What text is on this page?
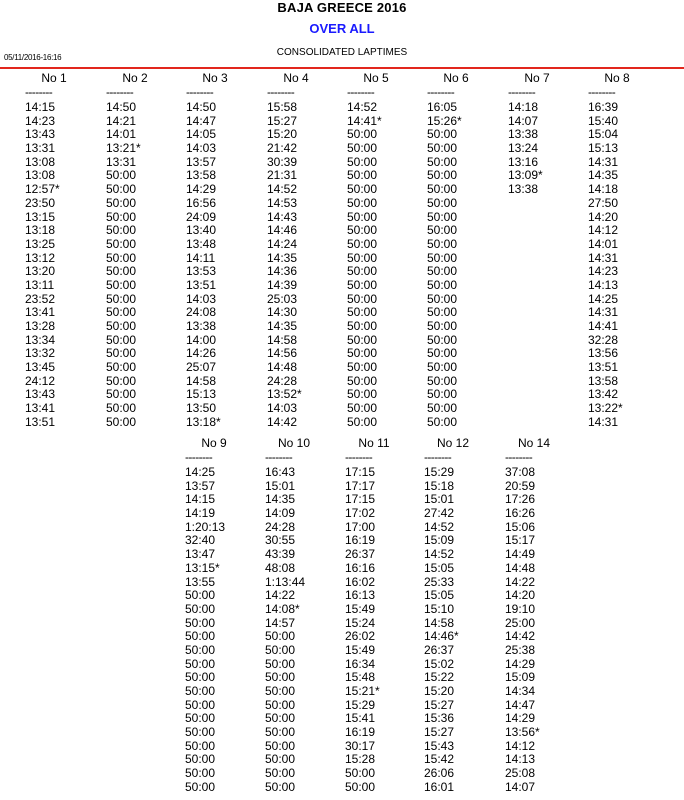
BAJA GREECE 2016
OVER ALL
CONSOLIDATED LAPTIMES
05/11/2016-16:16
No 1
--------
14:15
14:23
13:43
13:31
13:08
13:08
12:57*
23:50
13:15
13:18
13:25
13:12
13:20
13:11
23:52
13:41
13:28
13:34
13:32
13:45
24:12
13:43
13:41
13:51
No 2
--------
14:50
14:21
14:01
13:21*
13:31
50:00
50:00
50:00
50:00
50:00
50:00
50:00
50:00
50:00
50:00
50:00
50:00
50:00
50:00
50:00
50:00
50:00
50:00
50:00
No 3
--------
14:50
14:47
14:05
14:03
13:57
13:58
14:29
16:56
24:09
13:40
13:48
14:11
13:53
13:51
14:03
24:08
13:38
14:00
14:26
25:07
14:58
15:13
13:50
13:18*
No 4
--------
15:58
15:27
15:20
21:42
30:39
21:31
14:52
14:53
14:43
14:46
14:24
14:35
14:36
14:39
25:03
14:30
14:35
14:58
14:56
14:48
24:28
13:52*
14:03
14:42
No 5
--------
14:52
14:41*
50:00
50:00
50:00
50:00
50:00
50:00
50:00
50:00
50:00
50:00
50:00
50:00
50:00
50:00
50:00
50:00
50:00
50:00
50:00
50:00
50:00
50:00
No 6
--------
16:05
15:26*
50:00
50:00
50:00
50:00
50:00
50:00
50:00
50:00
50:00
50:00
50:00
50:00
50:00
50:00
50:00
50:00
50:00
50:00
50:00
50:00
50:00
50:00
No 7
--------
14:18
14:07
13:38
13:24
13:16
13:09*
13:38
No 8
--------
16:39
15:40
15:04
15:13
14:31
14:35
14:18
27:50
14:20
14:12
14:01
14:31
14:23
14:13
14:25
14:31
14:41
32:28
13:56
13:51
13:58
13:42
13:22*
14:31
No 9
--------
14:25
13:57
14:15
14:19
1:20:13
32:40
13:47
13:15*
13:55
50:00
50:00
50:00
50:00
50:00
50:00
50:00
50:00
50:00
50:00
50:00
50:00
50:00
50:00
50:00
No 10
--------
16:43
15:01
14:35
14:09
24:28
30:55
43:39
48:08
1:13:44
14:22
14:08*
14:57
50:00
50:00
50:00
50:00
50:00
50:00
50:00
50:00
50:00
50:00
50:00
50:00
No 11
--------
17:15
17:17
17:15
17:02
17:00
16:19
26:37
16:16
16:02
16:13
15:49
15:24
26:02
15:49
16:34
15:48
15:21*
15:29
15:41
16:19
30:17
15:28
50:00
50:00
No 12
--------
15:29
15:18
15:01
27:42
14:52
15:09
14:52
15:05
25:33
15:05
15:10
14:58
14:46*
26:37
15:02
15:22
15:20
15:27
15:36
15:27
15:43
15:42
26:06
16:01
No 14
--------
37:08
20:59
17:26
16:26
15:06
15:17
14:49
14:48
14:22
14:20
19:10
25:00
14:42
25:38
14:29
15:09
14:34
14:47
14:29
13:56*
14:12
14:13
25:08
14:07
